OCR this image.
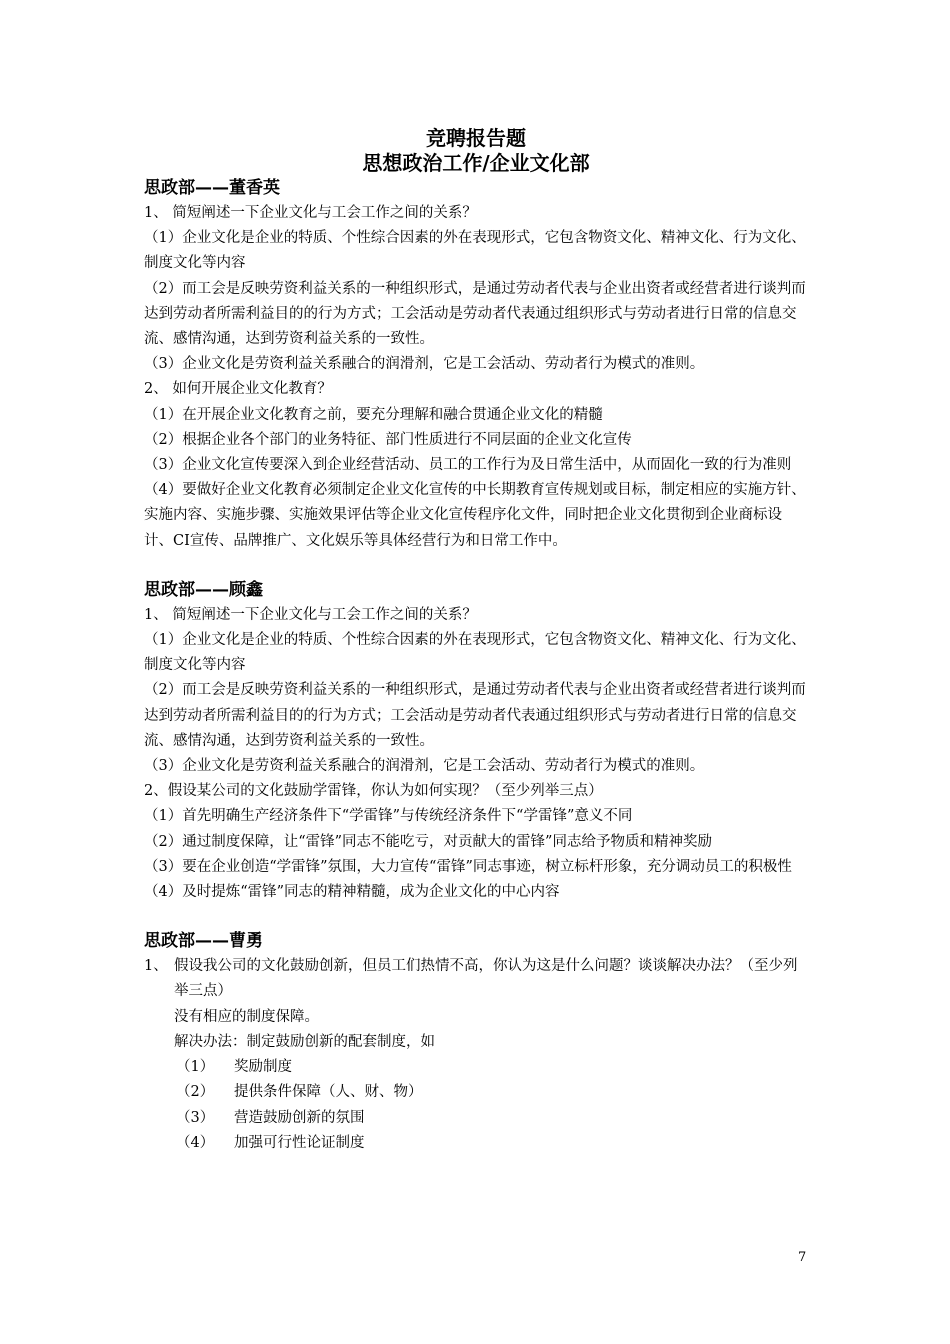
竞聘报告题
思想政治工作/企业文化部
思政部——董香英
1、 简短阐述一下企业文化与工会工作之间的关系？
（1）企业文化是企业的特质、个性综合因素的外在表现形式，它包含物资文化、精神文化、行为文化、制度文化等内容
（2）而工会是反映劳资利益关系的一种组织形式，是通过劳动者代表与企业出资者或经营者进行谈判而达到劳动者所需利益目的的行为方式；工会活动是劳动者代表通过组织形式与劳动者进行日常的信息交流、感情沟通，达到劳资利益关系的一致性。
（3）企业文化是劳资利益关系融合的润滑剂，它是工会活动、劳动者行为模式的准则。
2、 如何开展企业文化教育？
（1）在开展企业文化教育之前，要充分理解和融合贯通企业文化的精髓
（2）根据企业各个部门的业务特征、部门性质进行不同层面的企业文化宣传
（3）企业文化宣传要深入到企业经营活动、员工的工作行为及日常生活中，从而固化一致的行为准则
（4）要做好企业文化教育必须制定企业文化宣传的中长期教育宣传规划或目标，制定相应的实施方针、实施内容、实施步骤、实施效果评估等企业文化宣传程序化文件，同时把企业文化贯彻到企业商标设计、CI宣传、品牌推广、文化娱乐等具体经营行为和日常工作中。
思政部——顾鑫
1、 简短阐述一下企业文化与工会工作之间的关系？
（1）企业文化是企业的特质、个性综合因素的外在表现形式，它包含物资文化、精神文化、行为文化、制度文化等内容
（2）而工会是反映劳资利益关系的一种组织形式，是通过劳动者代表与企业出资者或经营者进行谈判而达到劳动者所需利益目的的行为方式；工会活动是劳动者代表通过组织形式与劳动者进行日常的信息交流、感情沟通，达到劳资利益关系的一致性。
（3）企业文化是劳资利益关系融合的润滑剂，它是工会活动、劳动者行为模式的准则。
2、假设某公司的文化鼓励学雷锋，你认为如何实现？（至少列举三点）
（1）首先明确生产经济条件下“学雷锋”与传统经济条件下“学雷锋”意义不同
（2）通过制度保障，让“雷锋”同志不能吃亏，对贡献大的雷锋”同志给予物质和精神奖励
（3）要在企业创造“学雷锋”氛围，大力宣传“雷锋”同志事迹，树立标杆形象，充分调动员工的积极性
（4）及时提炼“雷锋”同志的精神精髓，成为企业文化的中心内容
思政部——曹勇
1、 假设我公司的文化鼓励创新，但员工们热情不高，你认为这是什么问题？谈谈解决办法？（至少列举三点）
没有相应的制度保障。
解决办法：制定鼓励创新的配套制度，如
（1）	奖励制度
（2）	提供条件保障（人、财、物）
（3）	营造鼓励创新的氛围
（4）	加强可行性论证制度
7
